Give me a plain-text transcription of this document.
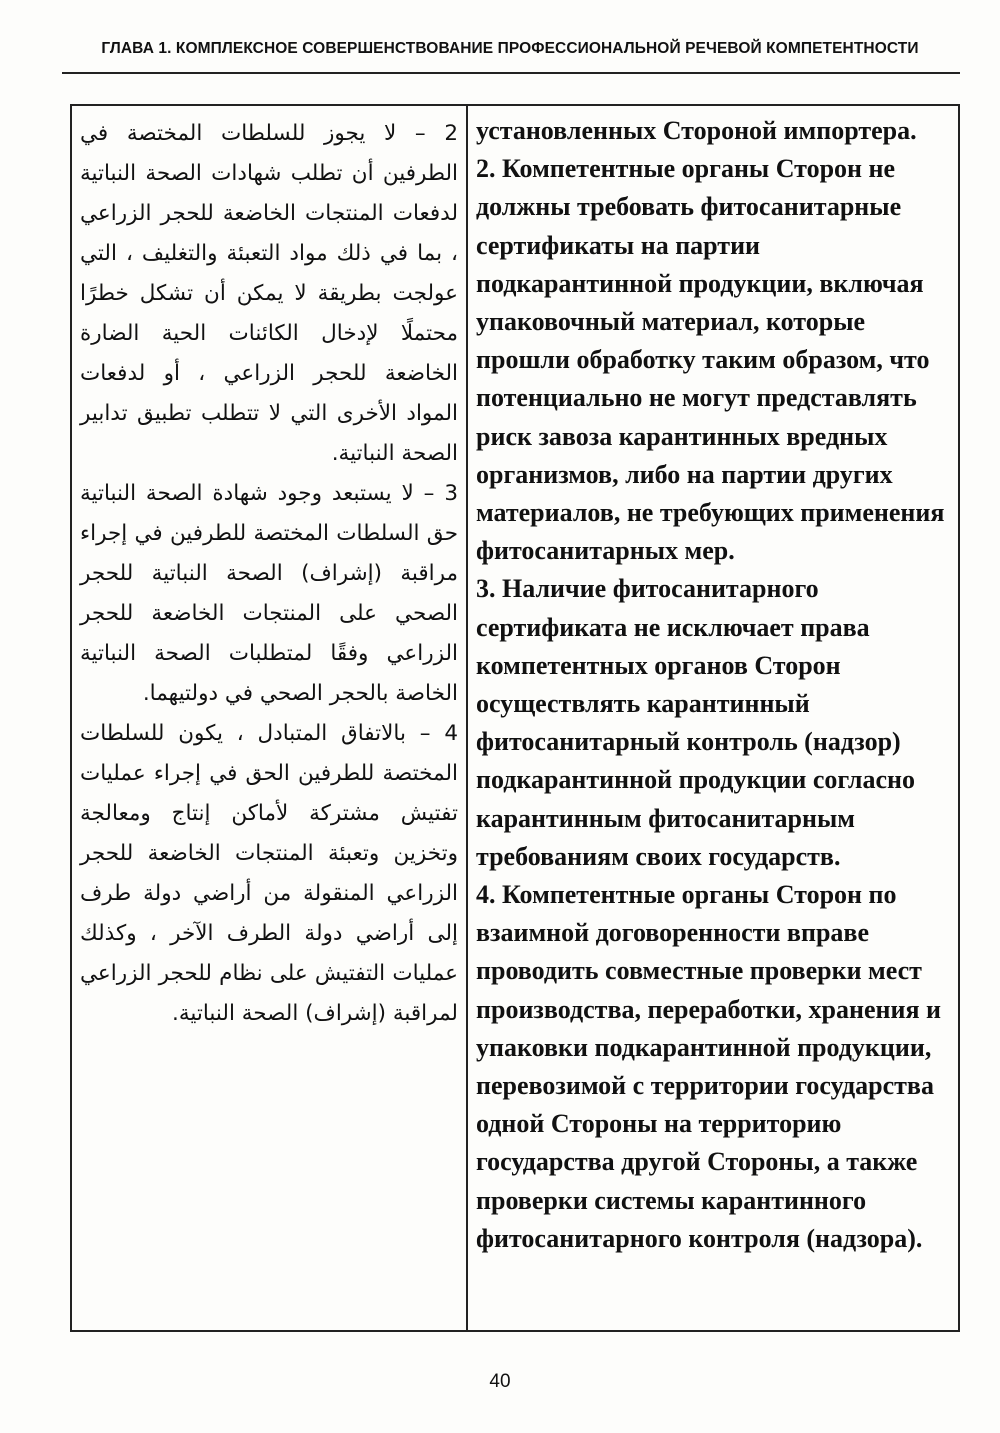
ГЛАВА 1. КОМПЛЕКСНОЕ СОВЕРШЕНСТВОВАНИЕ ПРОФЕССИОНАЛЬНОЙ РЕЧЕВОЙ КОМПЕТЕНТНОСТИ

2 – لا يجوز للسلطات المختصة في الطرفين أن تطلب شهادات الصحة النباتية لدفعات المنتجات الخاضعة للحجر الزراعي ، بما في ذلك مواد التعبئة والتغليف ، التي عولجت بطريقة لا يمكن أن تشكل خطرًا محتملًا لإدخال الكائنات الحية الضارة الخاضعة للحجر الزراعي ، أو لدفعات المواد الأخرى التي لا تتطلب تطبيق تدابير الصحة النباتية.

3 – لا يستبعد وجود شهادة الصحة النباتية حق السلطات المختصة للطرفين في إجراء مراقبة (إشراف) الصحة النباتية للحجر الصحي على المنتجات الخاضعة للحجر الزراعي وفقًا لمتطلبات الصحة النباتية الخاصة بالحجر الصحي في دولتيهما.

4 – بالاتفاق المتبادل ، يكون للسلطات المختصة للطرفين الحق في إجراء عمليات تفتيش مشتركة لأماكن إنتاج ومعالجة وتخزين وتعبئة المنتجات الخاضعة للحجر الزراعي المنقولة من أراضي دولة طرف إلى أراضي دولة الطرف الآخر ، وكذلك عمليات التفتيش على نظام للحجر الزراعي لمراقبة (إشراف) الصحة النباتية.

установленных Стороной импортера.

2. Компетентные органы Сторон не должны требовать фитосанитарные сертификаты на партии подкарантинной продукции, включая упаковочный материал, которые прошли обработку таким образом, что потенциально не могут представлять риск завоза карантинных вредных организмов, либо на партии других материалов, не требующих применения фитосанитарных мер.

3. Наличие фитосанитарного сертификата не исключает права компетентных органов Сторон осуществлять карантинный фитосанитарный контроль (надзор) подкарантинной продукции согласно карантинным фитосанитарным требованиям своих государств.

4. Компетентные органы Сторон по взаимной договоренности вправе проводить совместные проверки мест производства, переработки, хранения и упаковки подкарантинной продукции, перевозимой с территории государства одной Стороны на территорию государства другой Стороны, а также проверки системы карантинного фитосанитарного контроля (надзора).

40
